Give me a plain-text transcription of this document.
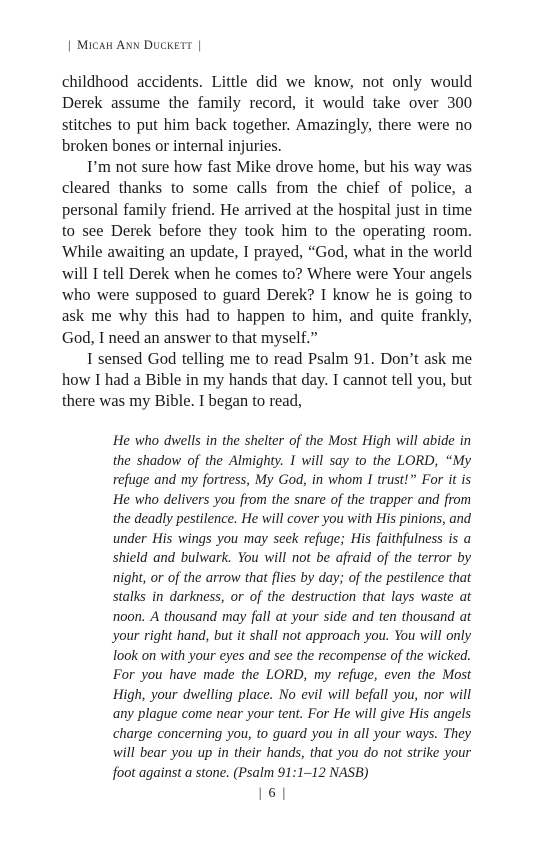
| Micah Ann Duckett |

childhood accidents. Little did we know, not only would Derek assume the family record, it would take over 300 stitches to put him back together. Amazingly, there were no broken bones or internal injuries.

I’m not sure how fast Mike drove home, but his way was cleared thanks to some calls from the chief of police, a personal family friend. He arrived at the hospital just in time to see Derek before they took him to the operating room. While awaiting an update, I prayed, “God, what in the world will I tell Derek when he comes to? Where were Your angels who were supposed to guard Derek? I know he is going to ask me why this had to happen to him, and quite frankly, God, I need an answer to that myself.”

I sensed God telling me to read Psalm 91. Don’t ask me how I had a Bible in my hands that day. I cannot tell you, but there was my Bible. I began to read,

He who dwells in the shelter of the Most High will abide in the shadow of the Almighty. I will say to the LORD, “My refuge and my fortress, My God, in whom I trust!” For it is He who delivers you from the snare of the trapper and from the deadly pestilence. He will cover you with His pinions, and under His wings you may seek refuge; His faithfulness is a shield and bulwark. You will not be afraid of the terror by night, or of the arrow that flies by day; of the pestilence that stalks in darkness, or of the destruction that lays waste at noon. A thousand may fall at your side and ten thousand at your right hand, but it shall not approach you. You will only look on with your eyes and see the recompense of the wicked. For you have made the LORD, my refuge, even the Most High, your dwelling place. No evil will befall you, nor will any plague come near your tent. For He will give His angels charge concerning you, to guard you in all your ways. They will bear you up in their hands, that you do not strike your foot against a stone. (Psalm 91:1–12 NASB)

| 6 |
